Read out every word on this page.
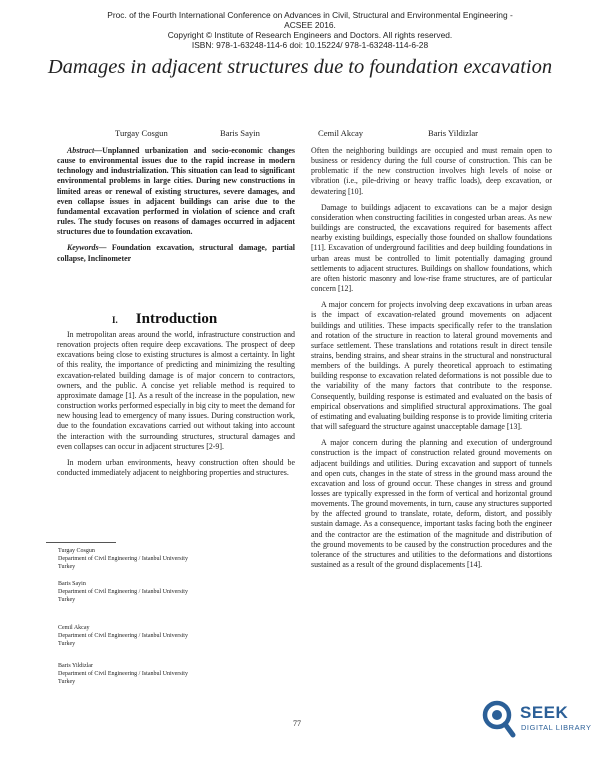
Proc. of the Fourth International Conference on Advances in Civil, Structural and Environmental Engineering - ACSEE 2016.
Copyright © Institute of Research Engineers and Doctors. All rights reserved.
ISBN: 978-1-63248-114-6 doi: 10.15224/ 978-1-63248-114-6-28
Damages in adjacent structures due to foundation excavation
Turgay Cosgun	Baris Sayin	Cemil Akcay	Baris Yildizlar

Abstract—Unplanned urbanization and socio-economic changes cause to environmental issues due to the rapid increase in modern technology and industrialization. This situation can lead to significant environmental problems in large cities. During new constructions in limited areas or renewal of existing structures, severe damages, and even collapse issues in adjacent buildings can arise due to the fundamental excavation performed in violation of science and craft rules. The study focuses on reasons of damages occurred in adjacent structures due to foundation excavation.

Keywords— Foundation excavation, structural damage, partial collapse, Inclinometer

I. Introduction

In metropolitan areas around the world, infrastructure construction and renovation projects often require deep excavations. The prospect of deep excavations being close to existing structures is almost a certainty. In light of this reality, the importance of predicting and minimizing the resulting excavation-related building damage is of major concern to contractors, owners, and the public. A concise yet reliable method is required to approximate damage [1]. As a result of the increase in the population, new construction works performed especially in big city to meet the demand for new housing lead to emergency of many issues. During construction work, due to the foundation excavations carried out without taking into account the interaction with the surrounding structures, structural damages and even collapses can occur in adjacent structures [2-9].

In modern urban environments, heavy construction often should be conducted immediately adjacent to neighboring properties and structures.

Turgay Cosgun
Department of Civil Engineering / Istanbul University
Turkey
Baris Sayin
Department of Civil Engineering / Istanbul University
Turkey
Cemil Akcay
Department of Civil Engineering / Istanbul University
Turkey
Baris Yildizlar
Department of Civil Engineering / Istanbul University
Turkey

Often the neighboring buildings are occupied and must remain open to business or residency during the full course of construction. This can be problematic if the new construction involves high levels of noise or vibration (i.e., pile-driving or heavy traffic loads), deep excavation, or dewatering [10].

Damage to buildings adjacent to excavations can be a major design consideration when constructing facilities in congested urban areas. As new buildings are constructed, the excavations required for basements affect nearby existing buildings, especially those founded on shallow foundations [11]. Excavation of underground facilities and deep building foundations in urban areas must be controlled to limit potentially damaging ground settlements to adjacent structures. Buildings on shallow foundations, which are often historic masonry and low-rise frame structures, are of particular concern [12].

A major concern for projects involving deep excavations in urban areas is the impact of excavation-related ground movements on adjacent buildings and utilities. These impacts specifically refer to the translation and rotation of the structure in reaction to lateral ground movements and surface settlement. These translations and rotations result in direct tensile strains, bending strains, and shear strains in the structural and nonstructural members of the buildings. A purely theoretical approach to estimating building response to excavation related deformations is not possible due to the variability of the many factors that contribute to the response. Consequently, building response is estimated and evaluated on the basis of empirical observations and simplified structural approximations. The goal of estimating and evaluating building response is to provide limiting criteria that will safeguard the structure against unacceptable damage [13].

A major concern during the planning and execution of underground construction is the impact of construction related ground movements on adjacent buildings and utilities. During excavation and support of tunnels and open cuts, changes in the state of stress in the ground mass around the excavation and loss of ground occur. These changes in stress and ground losses are typically expressed in the form of vertical and horizontal ground movements. The ground movements, in turn, cause any structures supported by the affected ground to translate, rotate, deform, distort, and possibly sustain damage. As a consequence, important tasks facing both the engineer and the contractor are the estimation of the magnitude and distribution of the ground movements to be caused by the construction procedures and the tolerance of the structures and utilities to the deformations and distortions sustained as a result of the ground displacements [14].

77
SEEK
DIGITAL LIBRARY
